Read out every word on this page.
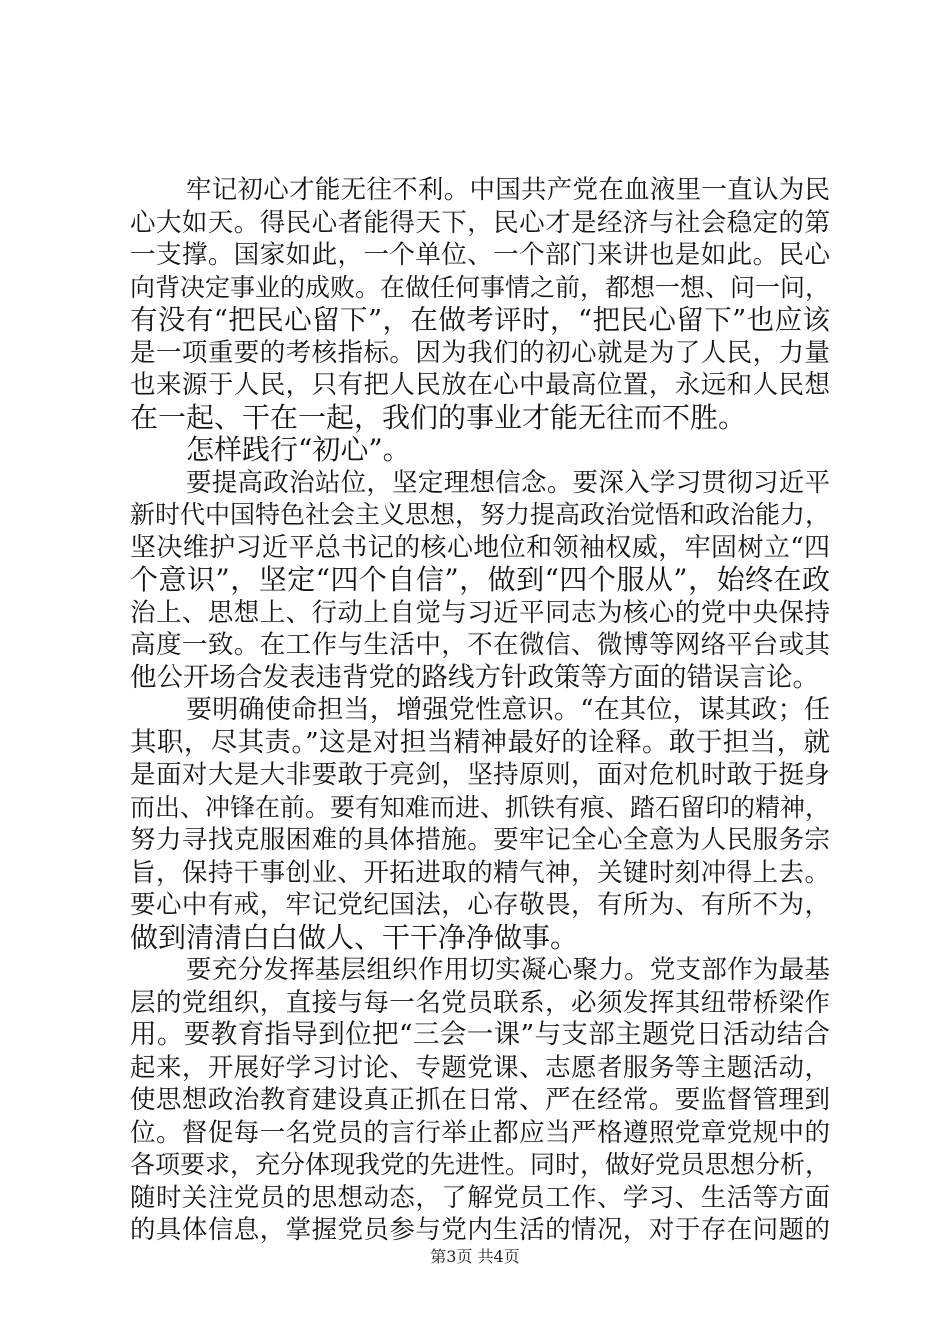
牢记初心才能无往不利。中国共产党在血液里一直认为民
心大如天。得民心者能得天下，民心才是经济与社会稳定的第
一支撑。国家如此，一个单位、一个部门来讲也是如此。民心
向背决定事业的成败。在做任何事情之前，都想一想、问一问，
有没有“把民心留下”，在做考评时，“把民心留下”也应该
是一项重要的考核指标。因为我们的初心就是为了人民，力量
也来源于人民，只有把人民放在心中最高位置，永远和人民想
在一起、干在一起，我们的事业才能无往而不胜。
怎样践行“初心”。
要提高政治站位，坚定理想信念。要深入学习贯彻习近平
新时代中国特色社会主义思想，努力提高政治觉悟和政治能力，
坚决维护习近平总书记的核心地位和领袖权威，牢固树立“四
个意识”，坚定“四个自信”，做到“四个服从”，始终在政
治上、思想上、行动上自觉与习近平同志为核心的党中央保持
高度一致。在工作与生活中，不在微信、微博等网络平台或其
他公开场合发表违背党的路线方针政策等方面的错误言论。
要明确使命担当，增强党性意识。“在其位，谋其政；任
其职，尽其责。”这是对担当精神最好的诠释。敢于担当，就
是面对大是大非要敢于亮剑，坚持原则，面对危机时敢于挺身
而出、冲锋在前。要有知难而进、抓铁有痕、踏石留印的精神，
努力寻找克服困难的具体措施。要牢记全心全意为人民服务宗
旨，保持干事创业、开拓进取的精气神，关键时刻冲得上去。
要心中有戒，牢记党纪国法，心存敬畏，有所为、有所不为，
做到清清白白做人、干干净净做事。
要充分发挥基层组织作用切实凝心聚力。党支部作为最基
层的党组织，直接与每一名党员联系，必须发挥其纽带桥梁作
用。要教育指导到位把“三会一课”与支部主题党日活动结合
起来，开展好学习讨论、专题党课、志愿者服务等主题活动，
使思想政治教育建设真正抓在日常、严在经常。要监督管理到
位。督促每一名党员的言行举止都应当严格遵照党章党规中的
各项要求，充分体现我党的先进性。同时，做好党员思想分析，
随时关注党员的思想动态，了解党员工作、学习、生活等方面
的具体信息，掌握党员参与党内生活的情况，对于存在问题的
第3页 共4页
